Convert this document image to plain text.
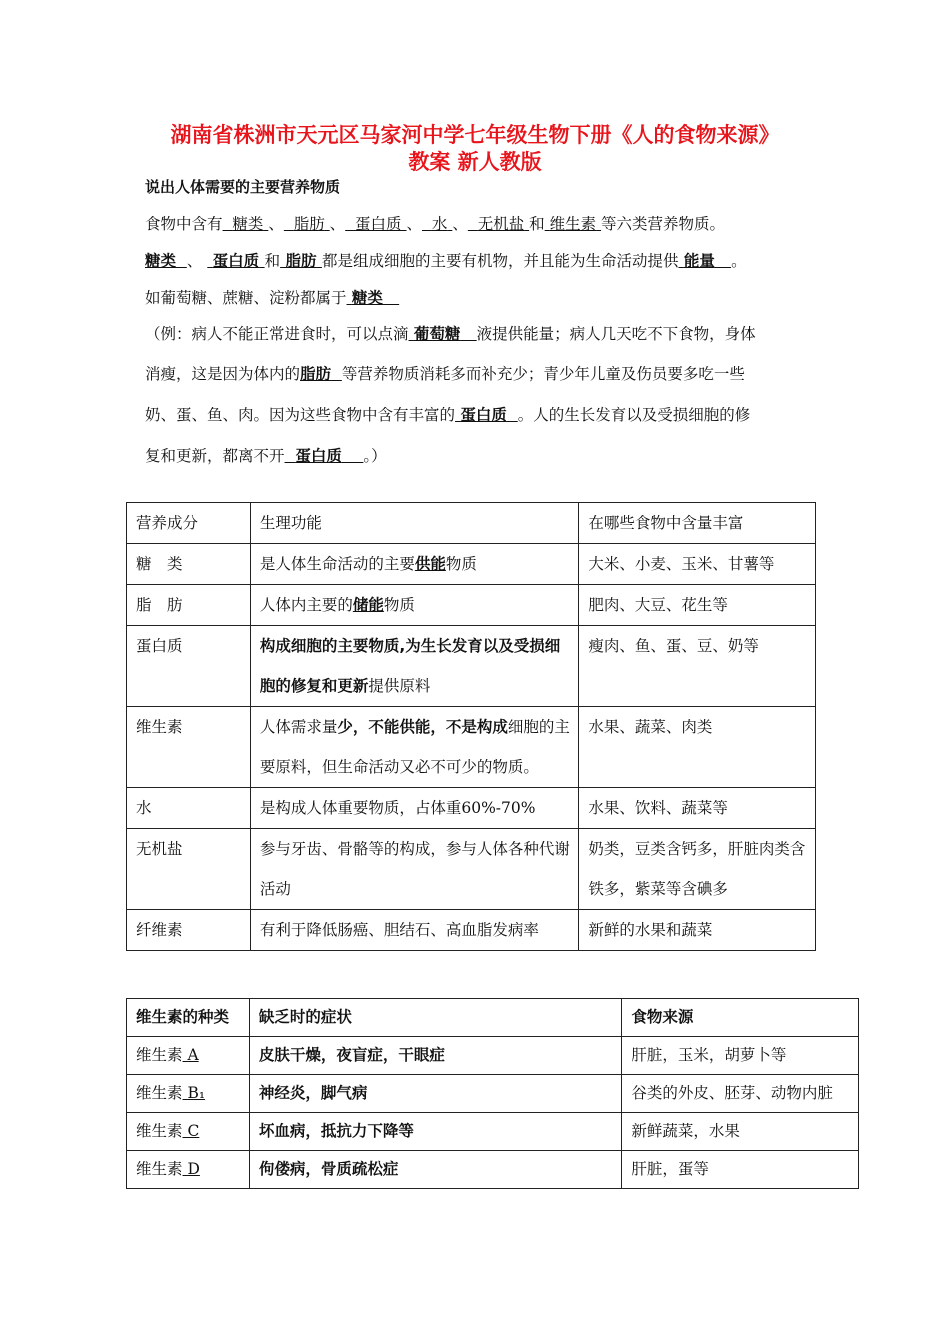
湖南省株洲市天元区马家河中学七年级生物下册《人的食物来源》
教案 新人教版
说出人体需要的主要营养物质
食物中含有 糖类 、 脂肪 、 蛋白质 、 水 、 无机盐 和 维生素 等六类营养物质。
糖类 、 蛋白质 和 脂肪 都是组成细胞的主要有机物，并且能为生命活动提供 能量 。
如葡萄糖、蔗糖、淀粉都属于 糖类
（例：病人不能正常进食时，可以点滴 葡萄糖 液提供能量；病人几天吃不下食物，身体
消瘦，这是因为体内的脂肪 等营养物质消耗多而补充少；青少年儿童及伤员要多吃一些
奶、蛋、鱼、肉。因为这些食物中含有丰富的 蛋白质 。人的生长发育以及受损细胞的修
复和更新，都离不开 蛋白质 。）
营养成分	生理功能	在哪些食物中含量丰富
糖　类	是人体生命活动的主要供能物质	大米、小麦、玉米、甘薯等
脂　肪	人体内主要的储能物质	肥肉、大豆、花生等
蛋白质	构成细胞的主要物质,为生长发育以及受损细胞的修复和更新提供原料	瘦肉、鱼、蛋、豆、奶等
维生素	人体需求量少，不能供能，不是构成细胞的主要原料，但生命活动又必不可少的物质。	水果、蔬菜、肉类
水	是构成人体重要物质，占体重60%-70%	水果、饮料、蔬菜等
无机盐	参与牙齿、骨骼等的构成，参与人体各种代谢活动	奶类，豆类含钙多，肝脏肉类含铁多，紫菜等含碘多
纤维素	有利于降低肠癌、胆结石、高血脂发病率	新鲜的水果和蔬菜
维生素的种类	缺乏时的症状	食物来源
维生素 A	皮肤干燥，夜盲症，干眼症	肝脏，玉米，胡萝卜等
维生素 B₁	神经炎，脚气病	谷类的外皮、胚芽、动物内脏
维生素 C	坏血病，抵抗力下降等	新鲜蔬菜，水果
维生素 D	佝偻病，骨质疏松症	肝脏，蛋等
